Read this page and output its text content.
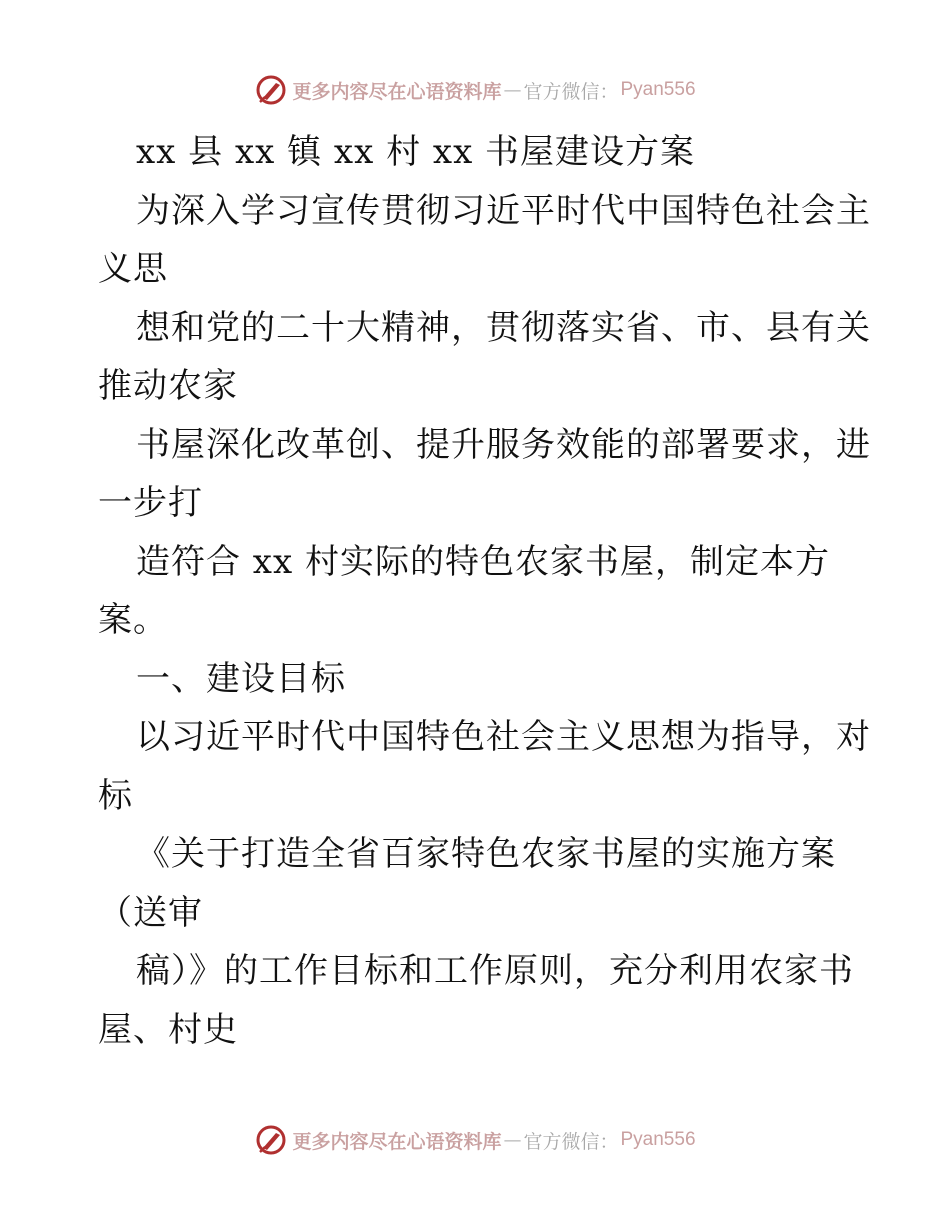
更多内容尽在心语资料库 — 官方微信： Pyan556
xx 县 xx 镇 xx 村 xx 书屋建设方案
为深入学习宣传贯彻习近平时代中国特色社会主
义思
想和党的二十大精神，贯彻落实省、市、县有关
推动农家
书屋深化改革创、提升服务效能的部署要求，进
一步打
造符合 xx 村实际的特色农家书屋，制定本方
案。
一、建设目标
以习近平时代中国特色社会主义思想为指导，对
标
《关于打造全省百家特色农家书屋的实施方案
（送审
稿）》的工作目标和工作原则，充分利用农家书
屋、村史
更多内容尽在心语资料库 — 官方微信： Pyan556
